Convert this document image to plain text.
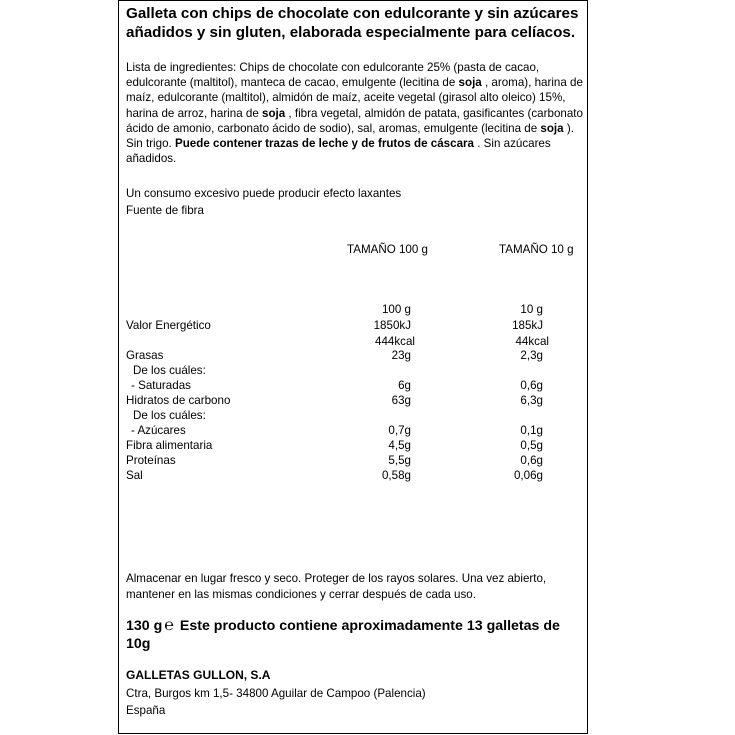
Galleta con chips de chocolate con edulcorante y sin azúcares añadidos y sin gluten, elaborada especialmente para celíacos.

Lista de ingredientes: Chips de chocolate con edulcorante 25% (pasta de cacao, edulcorante (maltitol), manteca de cacao, emulgente (lecitina de soja , aroma), harina de maíz, edulcorante (maltitol), almidón de maíz, aceite vegetal (girasol alto oleico) 15%, harina de arroz, harina de soja , fibra vegetal, almidón de patata, gasificantes (carbonato ácido de amonio, carbonato ácido de sodio), sal, aromas, emulgente (lecitina de soja ). Sin trigo. Puede contener trazas de leche y de frutos de cáscara . Sin azúcares añadidos.

Un consumo excesivo puede producir efecto laxantes

Fuente de fibra

TAMAÑO 100 g	TAMAÑO 10 g

100 g	10 g

Valor Energético	1850kJ	185kJ

444kcal	44kcal

Grasas	23g	2,3g

De los cuáles:

- Saturadas	6g	0,6g

Hidratos de carbono	63g	6,3g

De los cuáles:

- Azúcares	0,7g	0,1g

Fibra alimentaria	4,5g	0,5g

Proteínas	5,5g	0,6g

Sal	0,58g	0,06g

Almacenar en lugar fresco y seco. Proteger de los rayos solares. Una vez abierto, mantener en las mismas condiciones y cerrar después de cada uso.

130 g ℮ Este producto contiene aproximadamente 13 galletas de 10g

GALLETAS GULLON, S.A

Ctra, Burgos km 1,5- 34800 Aguilar de Campoo (Palencia)

España
